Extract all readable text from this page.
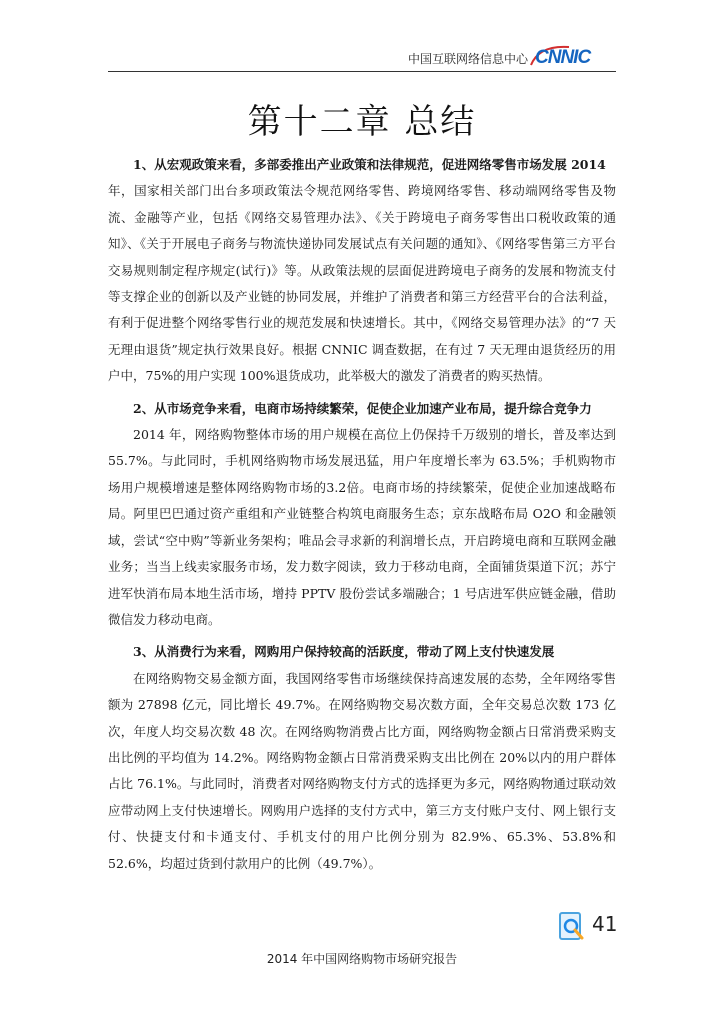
中国互联网络信息中心 CNNIC
第十二章 总结

1、从宏观政策来看，多部委推出产业政策和法律规范，促进网络零售市场发展 2014

年，国家相关部门出台多项政策法令规范网络零售、跨境网络零售、移动端网络零售及物流、金融等产业，包括《网络交易管理办法》、《关于跨境电子商务零售出口税收政策的通知》、《关于开展电子商务与物流快递协同发展试点有关问题的通知》、《网络零售第三方平台交易规则制定程序规定(试行)》等。从政策法规的层面促进跨境电子商务的发展和物流支付等支撑企业的创新以及产业链的协同发展，并维护了消费者和第三方经营平台的合法利益，有利于促进整个网络零售行业的规范发展和快速增长。其中，《网络交易管理办法》的“7 天无理由退货”规定执行效果良好。根据 CNNIC 调查数据，在有过 7 天无理由退货经历的用户中，75%的用户实现 100%退货成功，此举极大的激发了消费者的购买热情。

2、从市场竞争来看，电商市场持续繁荣，促使企业加速产业布局，提升综合竞争力

2014 年，网络购物整体市场的用户规模在高位上仍保持千万级别的增长，普及率达到 55.7%。与此同时，手机网络购物市场发展迅猛，用户年度增长率为 63.5%；手机购物市场用户规模增速是整体网络购物市场的3.2倍。电商市场的持续繁荣，促使企业加速战略布局。阿里巴巴通过资产重组和产业链整合构筑电商服务生态；京东战略布局 O2O 和金融领域，尝试“空中购”等新业务架构；唯品会寻求新的利润增长点，开启跨境电商和互联网金融业务；当当上线卖家服务市场，发力数字阅读，致力于移动电商，全面铺货渠道下沉；苏宁进军快消布局本地生活市场，增持 PPTV 股份尝试多端融合；1 号店进军供应链金融，借助微信发力移动电商。

3、从消费行为来看，网购用户保持较高的活跃度，带动了网上支付快速发展

在网络购物交易金额方面，我国网络零售市场继续保持高速发展的态势，全年网络零售额为 27898 亿元，同比增长 49.7%。在网络购物交易次数方面，全年交易总次数 173 亿次，年度人均交易次数 48 次。在网络购物消费占比方面，网络购物金额占日常消费采购支出比例的平均值为 14.2%。网络购物金额占日常消费采购支出比例在 20%以内的用户群体占比 76.1%。与此同时，消费者对网络购物支付方式的选择更为多元，网络购物通过联动效应带动网上支付快速增长。网购用户选择的支付方式中，第三方支付账户支付、网上银行支付、快捷支付和卡通支付、手机支付的用户比例分别为 82.9%、65.3%、53.8%和 52.6%，均超过货到付款用户的比例（49.7%）。

41
2014 年中国网络购物市场研究报告
